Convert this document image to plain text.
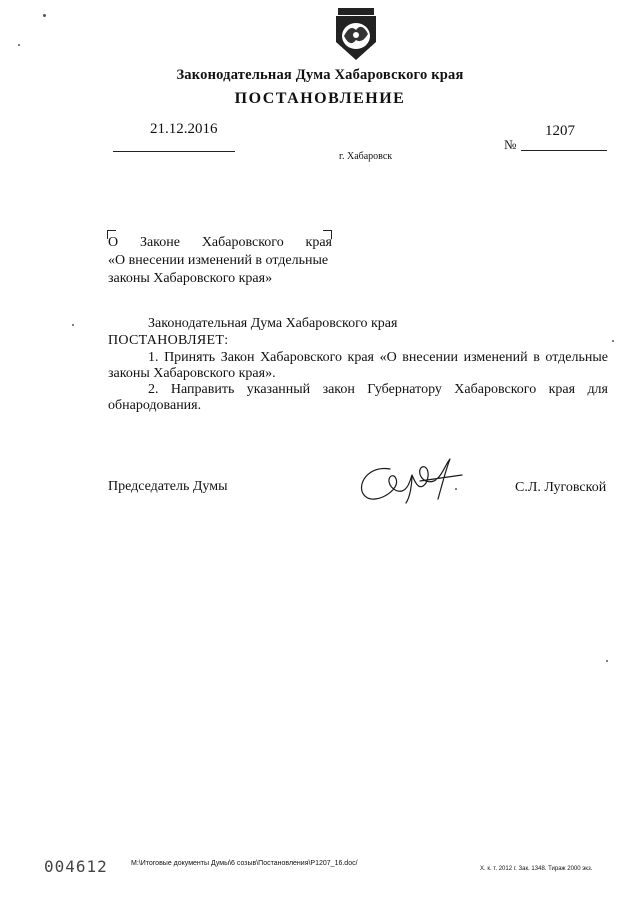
Законодательная Дума Хабаровского края
ПОСТАНОВЛЕНИЕ
21.12.2016
№
1207
г. Хабаровск
О Законе Хабаровского края
«О внесении изменений в отдельные
законы Хабаровского края»
Законодательная Дума Хабаровского края
ПОСТАНОВЛЯЕТ:
1. Принять Закон Хабаровского края «О внесении изменений в отдельные законы Хабаровского края».
2. Направить указанный закон Губернатору Хабаровского края для обнародования.
Председатель Думы	С.Л. Луговской
004612	M:\Итоговые документы Думы\6 созыв\Постановления\P1207_16.doc/
Х. к. т. 2012 г. Зак. 1348. Тираж 2000 экз.
